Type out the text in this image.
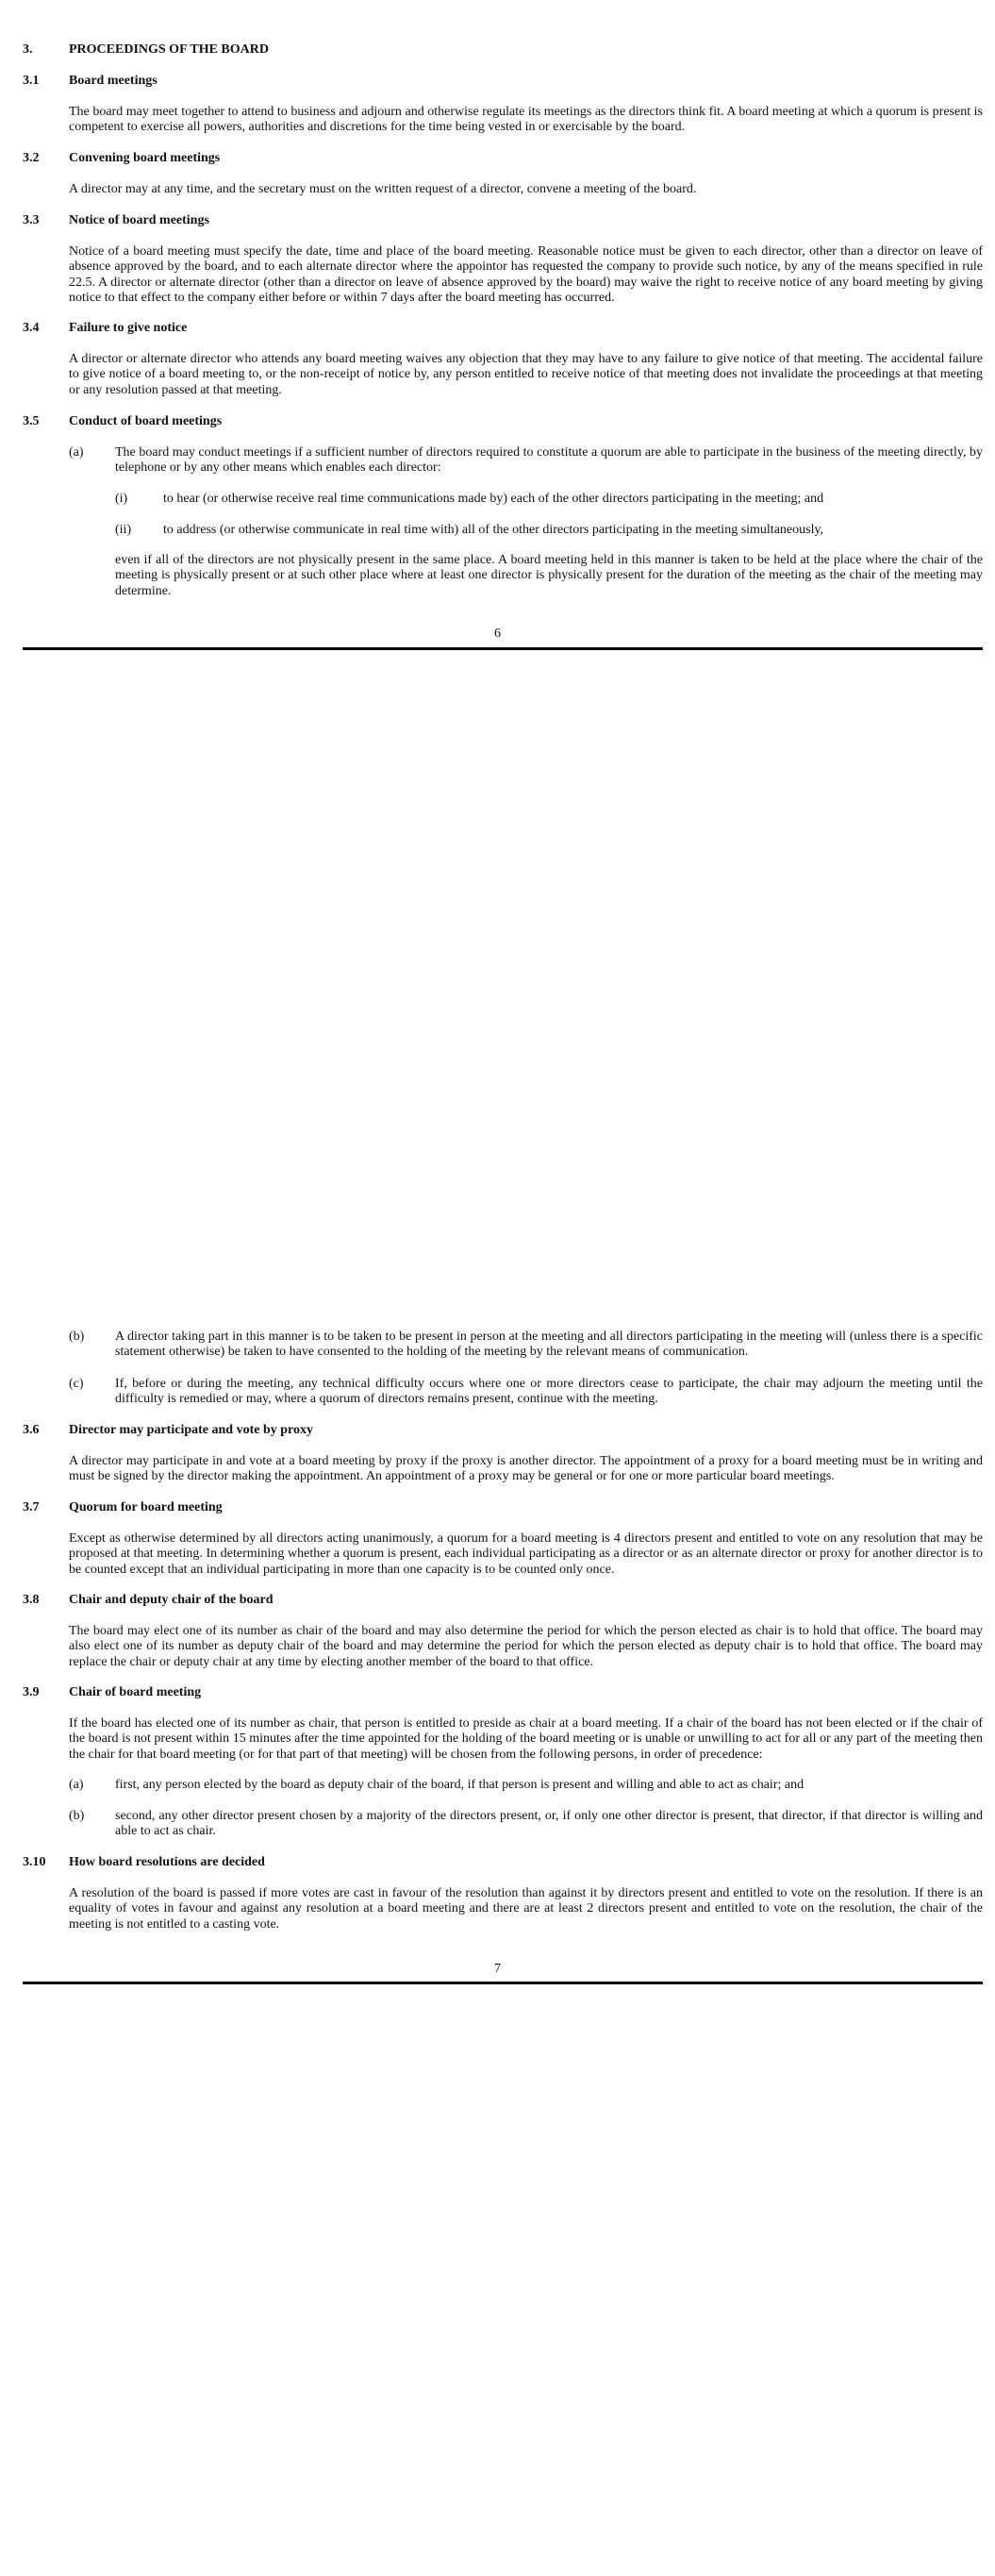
3.	PROCEEDINGS OF THE BOARD
3.1 Board meetings
The board may meet together to attend to business and adjourn and otherwise regulate its meetings as the directors think fit. A board meeting at which a quorum is present is competent to exercise all powers, authorities and discretions for the time being vested in or exercisable by the board.
3.2 Convening board meetings
A director may at any time, and the secretary must on the written request of a director, convene a meeting of the board.
3.3 Notice of board meetings
Notice of a board meeting must specify the date, time and place of the board meeting. Reasonable notice must be given to each director, other than a director on leave of absence approved by the board, and to each alternate director where the appointor has requested the company to provide such notice, by any of the means specified in rule 22.5. A director or alternate director (other than a director on leave of absence approved by the board) may waive the right to receive notice of any board meeting by giving notice to that effect to the company either before or within 7 days after the board meeting has occurred.
3.4 Failure to give notice
A director or alternate director who attends any board meeting waives any objection that they may have to any failure to give notice of that meeting. The accidental failure to give notice of a board meeting to, or the non-receipt of notice by, any person entitled to receive notice of that meeting does not invalidate the proceedings at that meeting or any resolution passed at that meeting.
3.5 Conduct of board meetings
(a) The board may conduct meetings if a sufficient number of directors required to constitute a quorum are able to participate in the business of the meeting directly, by telephone or by any other means which enables each director:
(i)	to hear (or otherwise receive real time communications made by) each of the other directors participating in the meeting; and
(ii) to address (or otherwise communicate in real time with) all of the other directors participating in the meeting simultaneously,
even if all of the directors are not physically present in the same place. A board meeting held in this manner is taken to be held at the place where the chair of the meeting is physically present or at such other place where at least one director is physically present for the duration of the meeting as the chair of the meeting may determine.
6
(b) A director taking part in this manner is to be taken to be present in person at the meeting and all directors participating in the meeting will (unless there is a specific statement otherwise) be taken to have consented to the holding of the meeting by the relevant means of communication.
(c) If, before or during the meeting, any technical difficulty occurs where one or more directors cease to participate, the chair may adjourn the meeting until the difficulty is remedied or may, where a quorum of directors remains present, continue with the meeting.
3.6 Director may participate and vote by proxy
A director may participate in and vote at a board meeting by proxy if the proxy is another director. The appointment of a proxy for a board meeting must be in writing and must be signed by the director making the appointment. An appointment of a proxy may be general or for one or more particular board meetings.
3.7 Quorum for board meeting
Except as otherwise determined by all directors acting unanimously, a quorum for a board meeting is 4 directors present and entitled to vote on any resolution that may be proposed at that meeting. In determining whether a quorum is present, each individual participating as a director or as an alternate director or proxy for another director is to be counted except that an individual participating in more than one capacity is to be counted only once.
3.8 Chair and deputy chair of the board
The board may elect one of its number as chair of the board and may also determine the period for which the person elected as chair is to hold that office. The board may also elect one of its number as deputy chair of the board and may determine the period for which the person elected as deputy chair is to hold that office. The board may replace the chair or deputy chair at any time by electing another member of the board to that office.
3.9 Chair of board meeting
If the board has elected one of its number as chair, that person is entitled to preside as chair at a board meeting. If a chair of the board has not been elected or if the chair of the board is not present within 15 minutes after the time appointed for the holding of the board meeting or is unable or unwilling to act for all or any part of the meeting then the chair for that board meeting (or for that part of that meeting) will be chosen from the following persons, in order of precedence:
(a) first, any person elected by the board as deputy chair of the board, if that person is present and willing and able to act as chair; and
(b) second, any other director present chosen by a majority of the directors present, or, if only one other director is present, that director, if that director is willing and able to act as chair.
3.10 How board resolutions are decided
A resolution of the board is passed if more votes are cast in favour of the resolution than against it by directors present and entitled to vote on the resolution. If there is an equality of votes in favour and against any resolution at a board meeting and there are at least 2 directors present and entitled to vote on the resolution, the chair of the meeting is not entitled to a casting vote.
7
